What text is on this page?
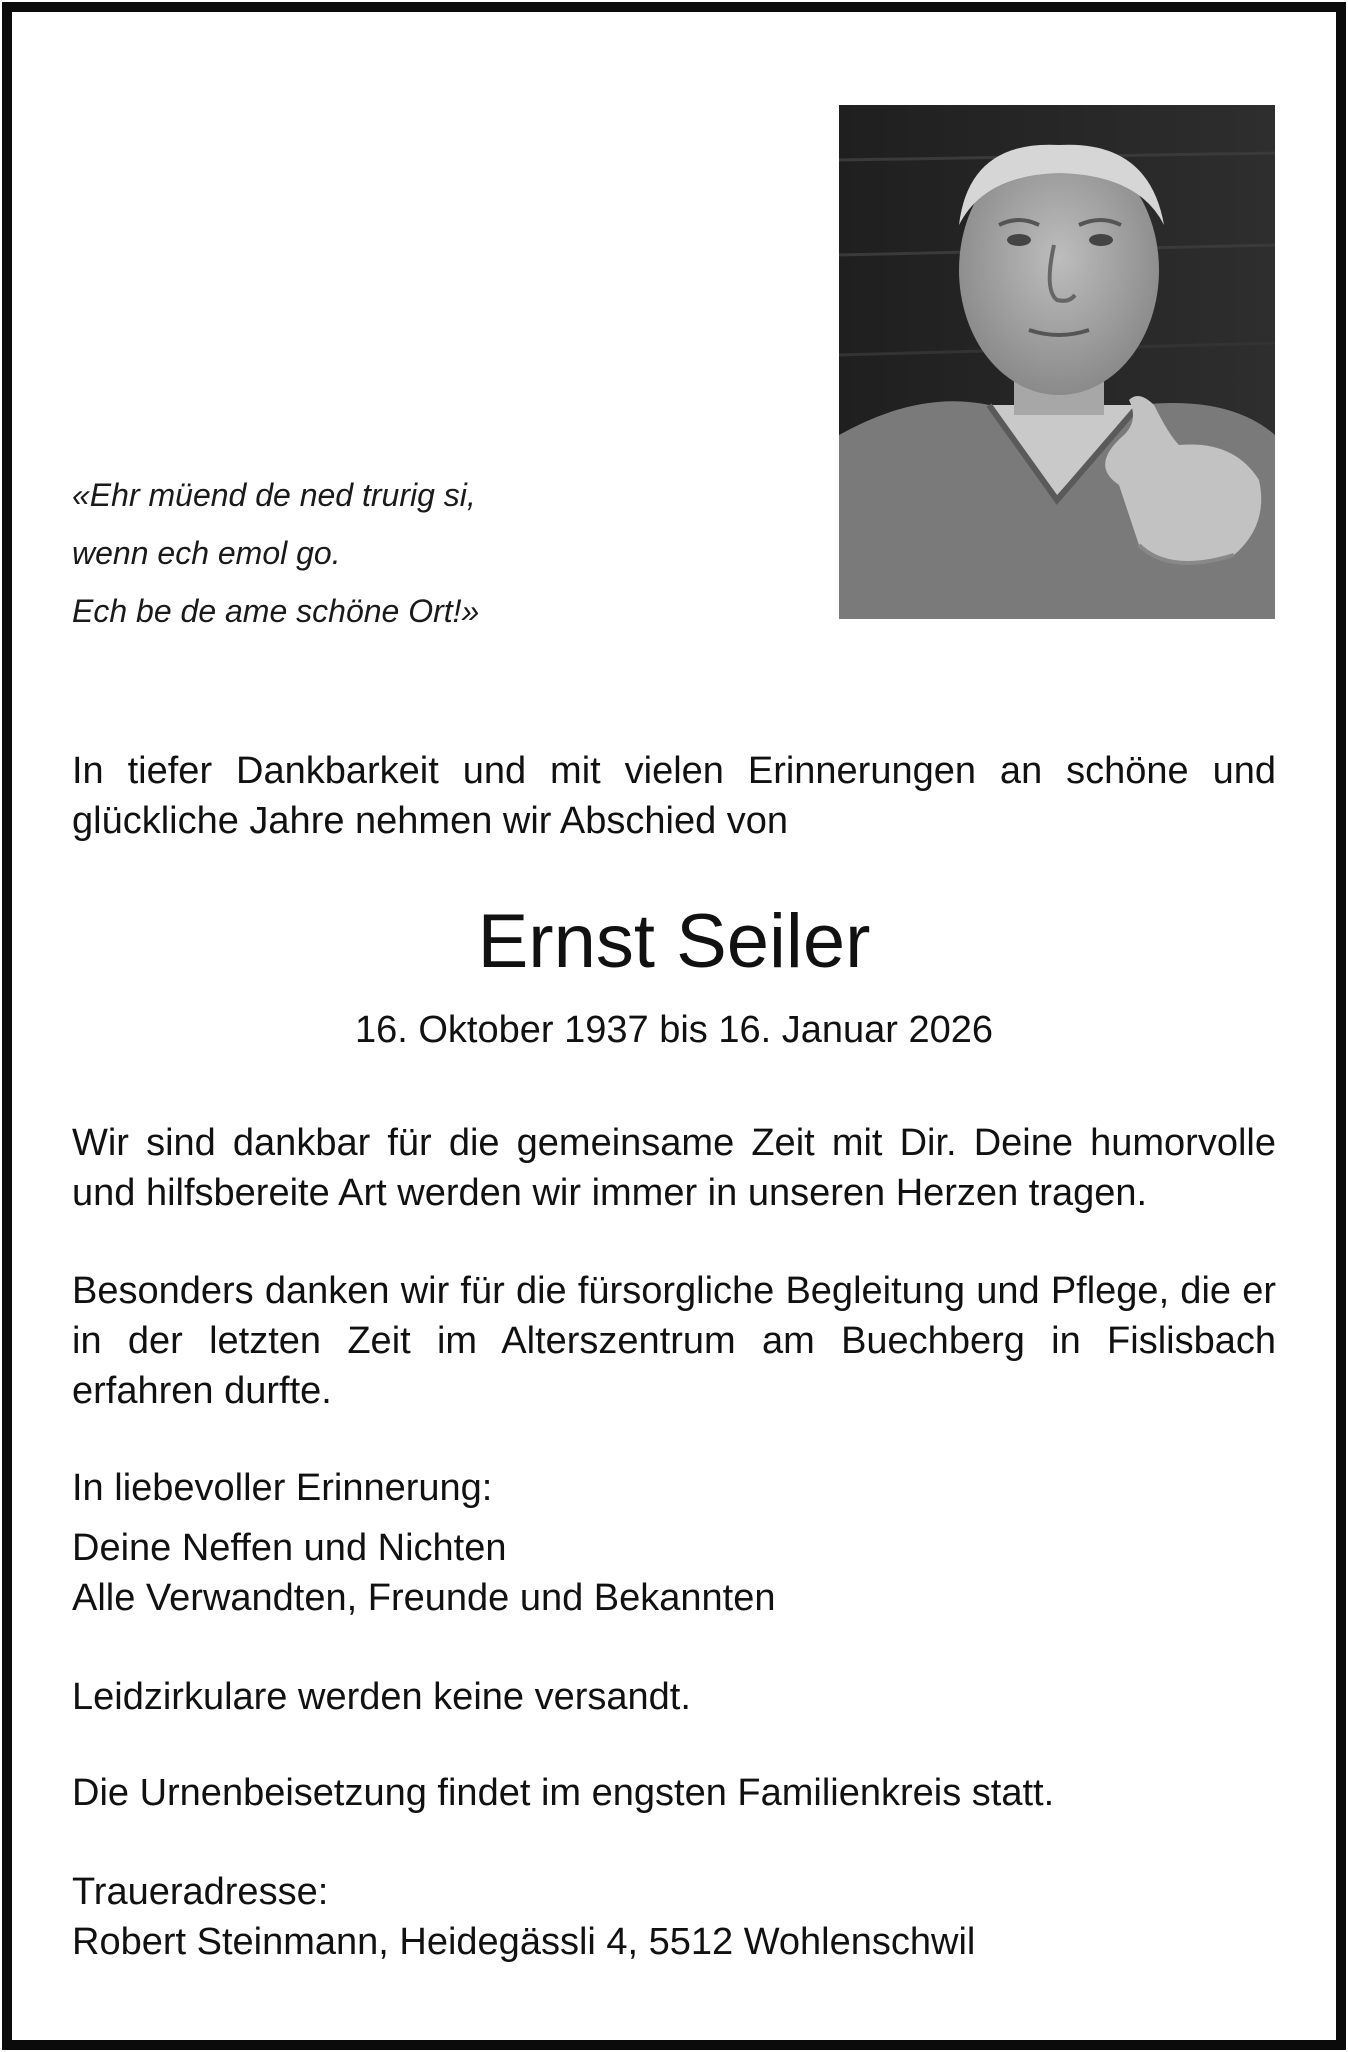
«Ehr müend de ned trurig si,
wenn ech emol go.
Ech be de ame schöne Ort!»
In tiefer Dankbarkeit und mit vielen Erinnerungen an schöne und glückliche Jahre nehmen wir Abschied von
Ernst Seiler
16. Oktober 1937 bis 16. Januar 2026
Wir sind dankbar für die gemeinsame Zeit mit Dir. Deine humorvolle und hilfsbereite Art werden wir immer in unseren Herzen tragen.
Besonders danken wir für die fürsorgliche Begleitung und Pflege, die er in der letzten Zeit im Alterszentrum am Buechberg in Fislisbach erfahren durfte.
In liebevoller Erinnerung:
Deine Neffen und Nichten
Alle Verwandten, Freunde und Bekannten
Leidzirkulare werden keine versandt.
Die Urnenbeisetzung findet im engsten Familienkreis statt.
Traueradresse:
Robert Steinmann, Heidegässli 4, 5512 Wohlenschwil
